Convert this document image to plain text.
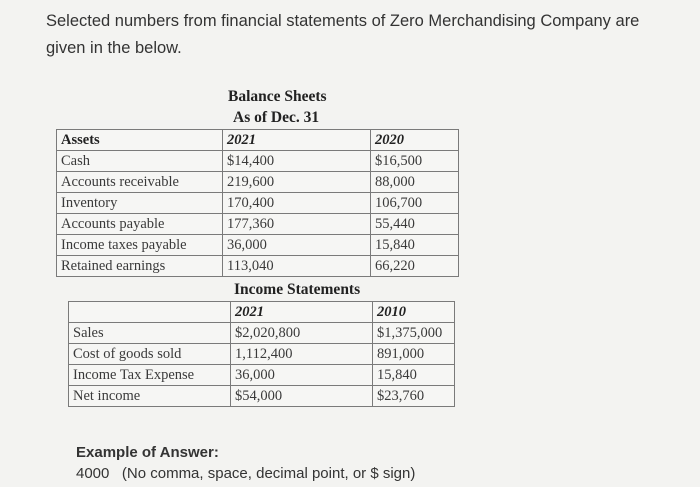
Selected numbers from financial statements of Zero Merchandising Company are given in the below.
Balance Sheets
As of Dec. 31
Assets	2021	2020
Cash	$14,400	$16,500
Accounts receivable	219,600	88,000
Inventory	170,400	106,700
Accounts payable	177,360	55,440
Income taxes payable	36,000	15,840
Retained earnings	113,040	66,220
Income Statements
	2021	2010
Sales	$2,020,800	$1,375,000
Cost of goods sold	1,112,400	891,000
Income Tax Expense	36,000	15,840
Net income	$54,000	$23,760
Example of Answer:
4000 (No comma, space, decimal point, or $ sign)
